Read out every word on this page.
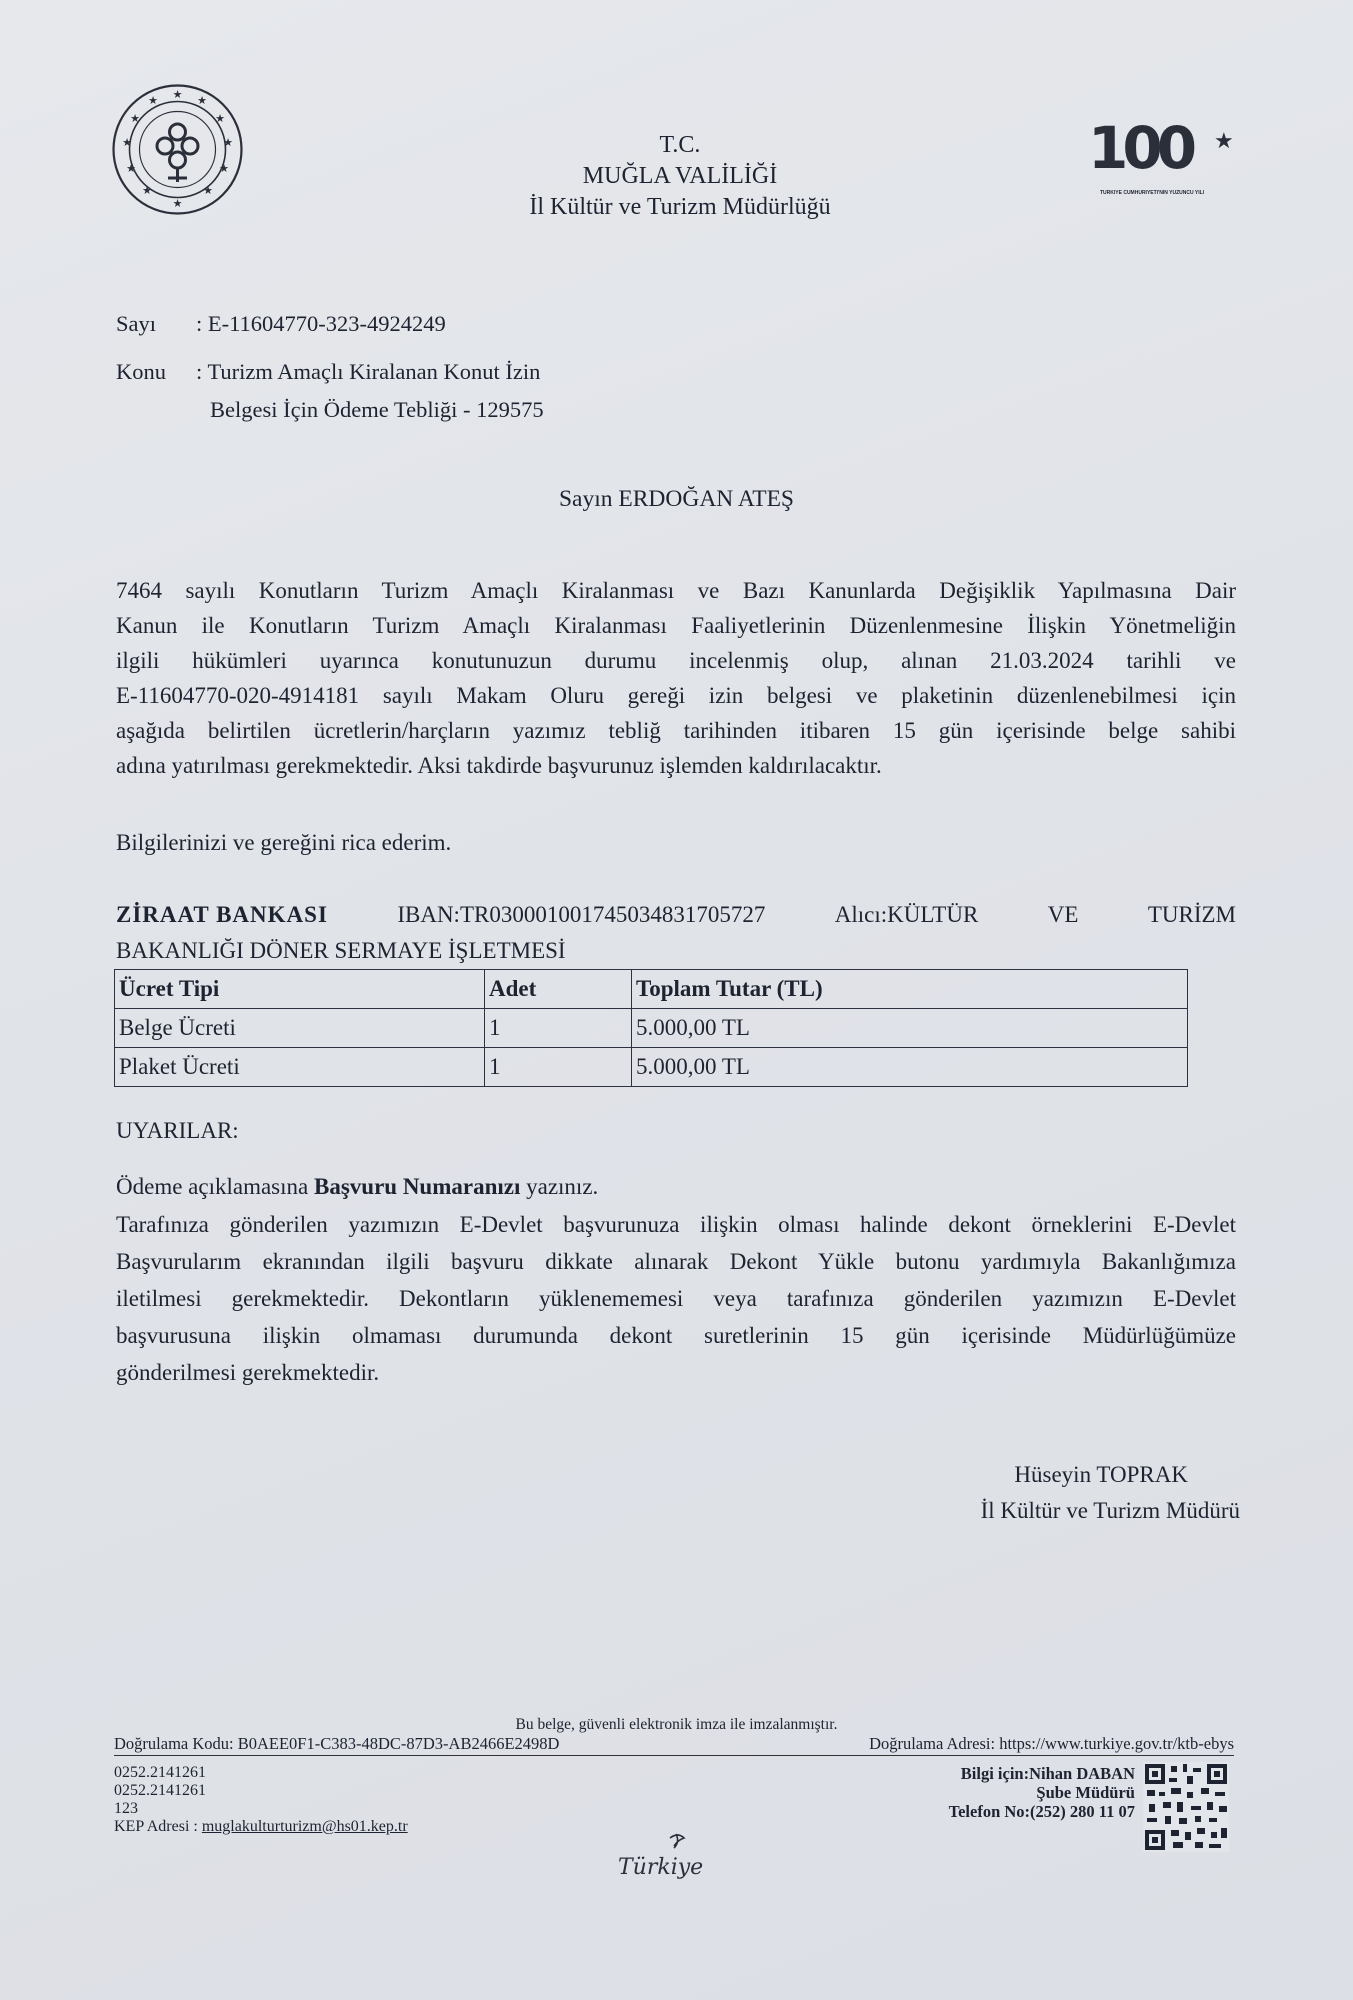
★ ★
★
★
★
★
★
★
★
★
★
★
100 ★
TÜRKİYE CUMHURİYETİ'NİN YÜZÜNCÜ YILI
T.C.
MUĞLA VALİLİĞİ
İl Kültür ve Turizm Müdürlüğü
Sayı : E-11604770-323-4924249
Konu : Turizm Amaçlı Kiralanan Konut İzin
Belgesi İçin Ödeme Tebliği - 129575
Sayın ERDOĞAN ATEŞ
7464 sayılı Konutların Turizm Amaçlı Kiralanması ve Bazı Kanunlarda Değişiklik Yapılmasına Dair
Kanun ile Konutların Turizm Amaçlı Kiralanması Faaliyetlerinin Düzenlenmesine İlişkin Yönetmeliğin
ilgili hükümleri uyarınca konutunuzun durumu incelenmiş olup, alınan 21.03.2024 tarihli ve
E-11604770-020-4914181 sayılı Makam Oluru gereği izin belgesi ve plaketinin düzenlenebilmesi için
aşağıda belirtilen ücretlerin/harçların yazımız tebliğ tarihinden itibaren 15 gün içerisinde belge sahibi
adına yatırılması gerekmektedir. Aksi takdirde başvurunuz işlemden kaldırılacaktır.
Bilgilerinizi ve gereğini rica ederim.
ZİRAAT BANKASI	IBAN:TR030001001745034831705727	Alıcı:KÜLTÜR	VE	TURİZM
BAKANLIĞI DÖNER SERMAYE İŞLETMESİ
Ücret Tipi	Adet	Toplam Tutar (TL)
Belge Ücreti	1	5.000,00 TL
Plaket Ücreti	1	5.000,00 TL
UYARILAR:
Ödeme açıklamasına Başvuru Numaranızı yazınız.
Tarafınıza gönderilen yazımızın E-Devlet başvurunuza ilişkin olması halinde dekont örneklerini E-Devlet
Başvurularım ekranından ilgili başvuru dikkate alınarak Dekont Yükle butonu yardımıyla Bakanlığımıza
iletilmesi gerekmektedir. Dekontların yüklenememesi veya tarafınıza gönderilen yazımızın E-Devlet
başvurusuna ilişkin olmaması durumunda dekont suretlerinin 15 gün içerisinde Müdürlüğümüze
gönderilmesi gerekmektedir.
Hüseyin TOPRAK
İl Kültür ve Turizm Müdürü
Bu belge, güvenli elektronik imza ile imzalanmıştır.
Doğrulama Kodu: B0AEE0F1-C383-48DC-87D3-AB2466E2498D	Doğrulama Adresi: https://www.turkiye.gov.tr/ktb-ebys
0252.2141261
0252.2141261
123
KEP Adresi : muglakulturturizm@hs01.kep.tr
Bilgi için:Nihan DABAN
Şube Müdürü
Telefon No:(252) 280 11 07
Türkiye
